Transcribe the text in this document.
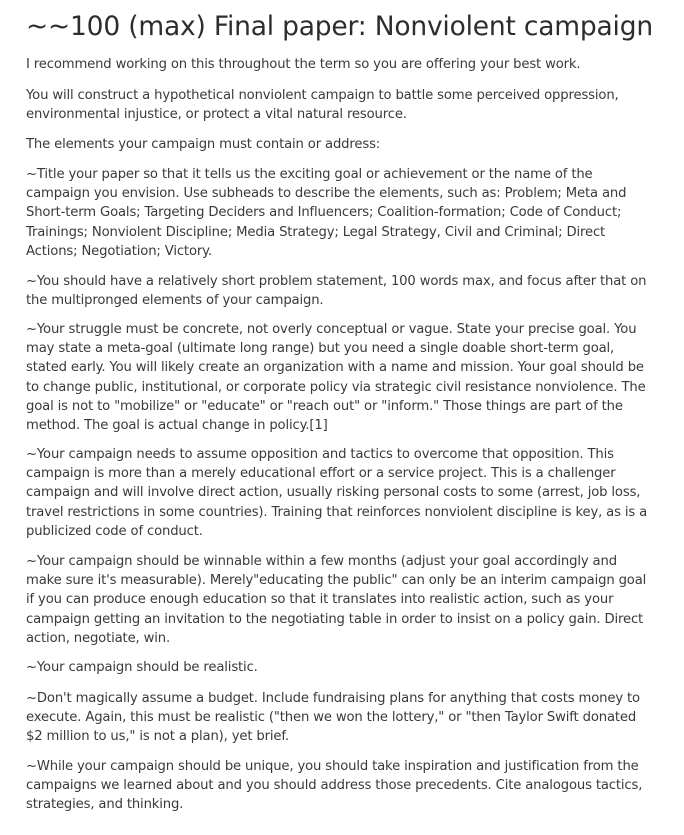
~~100 (max) Final paper: Nonviolent campaign

I recommend working on this throughout the term so you are offering your best work.

You will construct a hypothetical nonviolent campaign to battle some perceived oppression, environmental injustice, or protect a vital natural resource.

The elements your campaign must contain or address:

~Title your paper so that it tells us the exciting goal or achievement or the name of the campaign you envision. Use subheads to describe the elements, such as: Problem; Meta and Short-term Goals; Targeting Deciders and Influencers; Coalition-formation; Code of Conduct; Trainings; Nonviolent Discipline; Media Strategy; Legal Strategy, Civil and Criminal; Direct Actions; Negotiation; Victory.

~You should have a relatively short problem statement, 100 words max, and focus after that on the multipronged elements of your campaign.

~Your struggle must be concrete, not overly conceptual or vague. State your precise goal. You may state a meta-goal (ultimate long range) but you need a single doable short-term goal, stated early. You will likely create an organization with a name and mission. Your goal should be to change public, institutional, or corporate policy via strategic civil resistance nonviolence. The goal is not to "mobilize" or "educate" or "reach out" or "inform." Those things are part of the method. The goal is actual change in policy.[1]

~Your campaign needs to assume opposition and tactics to overcome that opposition. This campaign is more than a merely educational effort or a service project. This is a challenger campaign and will involve direct action, usually risking personal costs to some (arrest, job loss, travel restrictions in some countries). Training that reinforces nonviolent discipline is key, as is a publicized code of conduct.

~Your campaign should be winnable within a few months (adjust your goal accordingly and make sure it's measurable). Merely"educating the public" can only be an interim campaign goal if you can produce enough education so that it translates into realistic action, such as your campaign getting an invitation to the negotiating table in order to insist on a policy gain. Direct action, negotiate, win.

~Your campaign should be realistic.

~Don't magically assume a budget. Include fundraising plans for anything that costs money to execute. Again, this must be realistic ("then we won the lottery," or "then Taylor Swift donated $2 million to us," is not a plan), yet brief.

~While your campaign should be unique, you should take inspiration and justification from the campaigns we learned about and you should address those precedents. Cite analogous tactics, strategies, and thinking.
